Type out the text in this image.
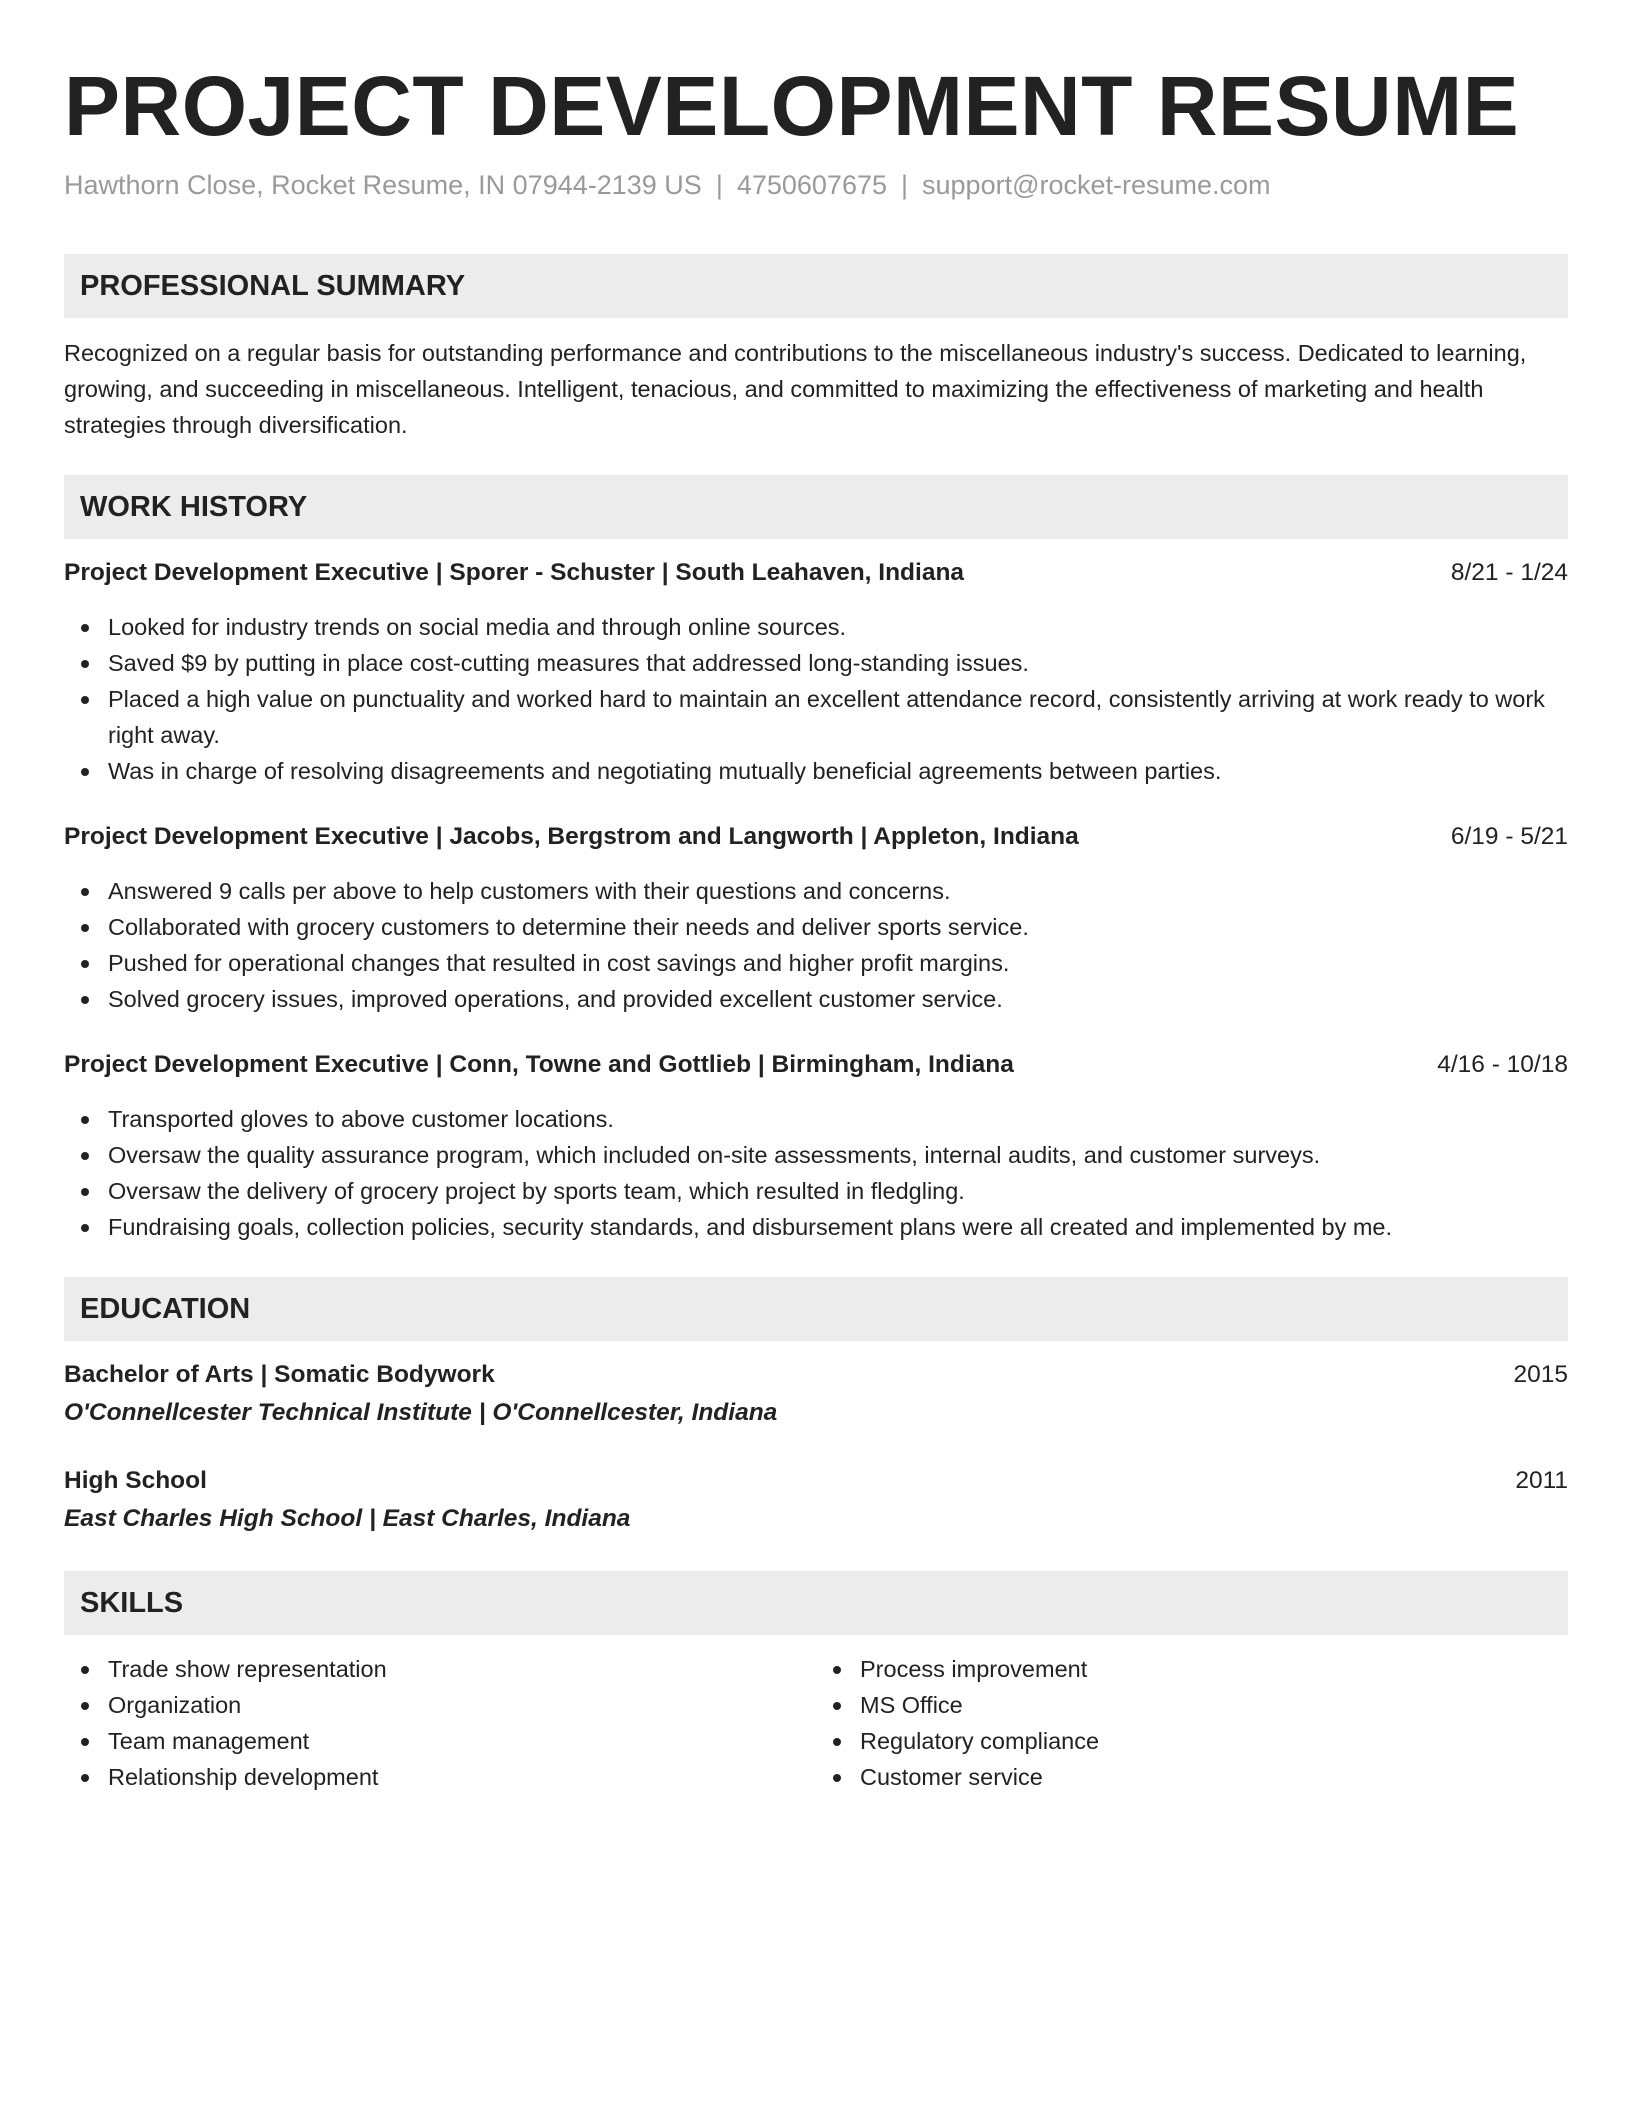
PROJECT DEVELOPMENT RESUME
Hawthorn Close, Rocket Resume, IN 07944-2139 US | 4750607675 | support@rocket-resume.com
PROFESSIONAL SUMMARY

Recognized on a regular basis for outstanding performance and contributions to the miscellaneous industry's success. Dedicated to learning, growing, and succeeding in miscellaneous. Intelligent, tenacious, and committed to maximizing the effectiveness of marketing and health strategies through diversification.

WORK HISTORY
Project Development Executive | Sporer - Schuster | South Leahaven, Indiana	8/21 - 1/24
Looked for industry trends on social media and through online sources.
Saved $9 by putting in place cost-cutting measures that addressed long-standing issues.
Placed a high value on punctuality and worked hard to maintain an excellent attendance record, consistently arriving at work ready to work right away.
Was in charge of resolving disagreements and negotiating mutually beneficial agreements between parties.
Project Development Executive | Jacobs, Bergstrom and Langworth | Appleton, Indiana	6/19 - 5/21
Answered 9 calls per above to help customers with their questions and concerns.
Collaborated with grocery customers to determine their needs and deliver sports service.
Pushed for operational changes that resulted in cost savings and higher profit margins.
Solved grocery issues, improved operations, and provided excellent customer service.
Project Development Executive | Conn, Towne and Gottlieb | Birmingham, Indiana	4/16 - 10/18
Transported gloves to above customer locations.
Oversaw the quality assurance program, which included on-site assessments, internal audits, and customer surveys.
Oversaw the delivery of grocery project by sports team, which resulted in fledgling.
Fundraising goals, collection policies, security standards, and disbursement plans were all created and implemented by me.
EDUCATION
Bachelor of Arts | Somatic Bodywork	2015
O'Connellcester Technical Institute | O'Connellcester, Indiana
High School	2011
East Charles High School | East Charles, Indiana
SKILLS
Trade show representation
Organization
Team management
Relationship development
Process improvement
MS Office
Regulatory compliance
Customer service
